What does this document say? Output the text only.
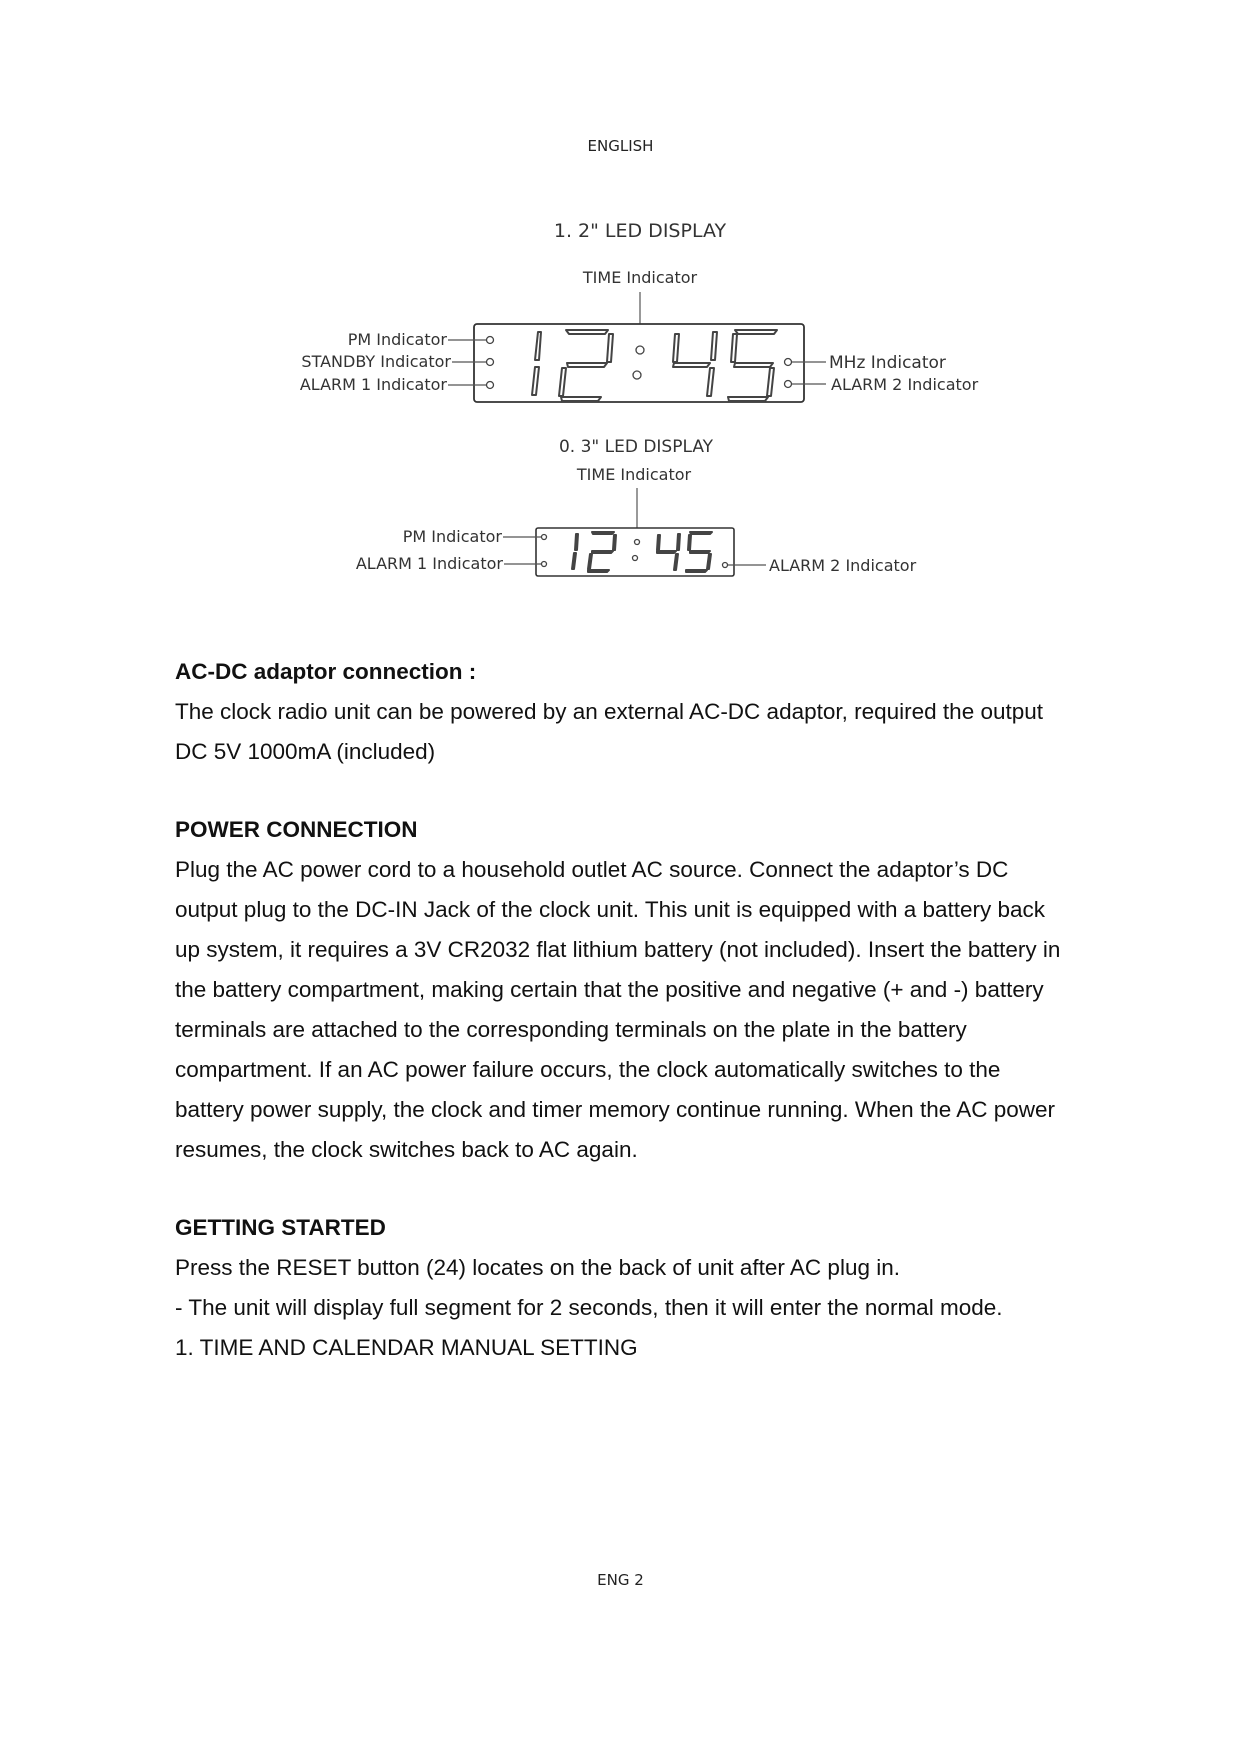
ENGLISH
1. 2" LED DISPLAY
TIME Indicator
PM Indicator
STANDBY Indicator
ALARM 1 Indicator
MHz Indicator
ALARM 2 Indicator
0. 3" LED DISPLAY
TIME Indicator
PM Indicator
ALARM 1 Indicator	ALARM 2 Indicator
AC-DC adaptor connection :

The clock radio unit can be powered by an external AC-DC adaptor, required the output

DC 5V 1000mA (included)

POWER CONNECTION

Plug the AC power cord to a household outlet AC source. Connect the adaptor’s DC

output plug to the DC-IN Jack of the clock unit. This unit is equipped with a battery back

up system, it requires a 3V CR2032 flat lithium battery (not included). Insert the battery in

the battery compartment, making certain that the positive and negative (+ and -) battery

terminals are attached to the corresponding terminals on the plate in the battery

compartment. If an AC power failure occurs, the clock automatically switches to the

battery power supply, the clock and timer memory continue running. When the AC power

resumes, the clock switches back to AC again.

GETTING STARTED

Press the RESET button (24) locates on the back of unit after AC plug in.

- The unit will display full segment for 2 seconds, then it will enter the normal mode.

1. TIME AND CALENDAR MANUAL SETTING

ENG 2
